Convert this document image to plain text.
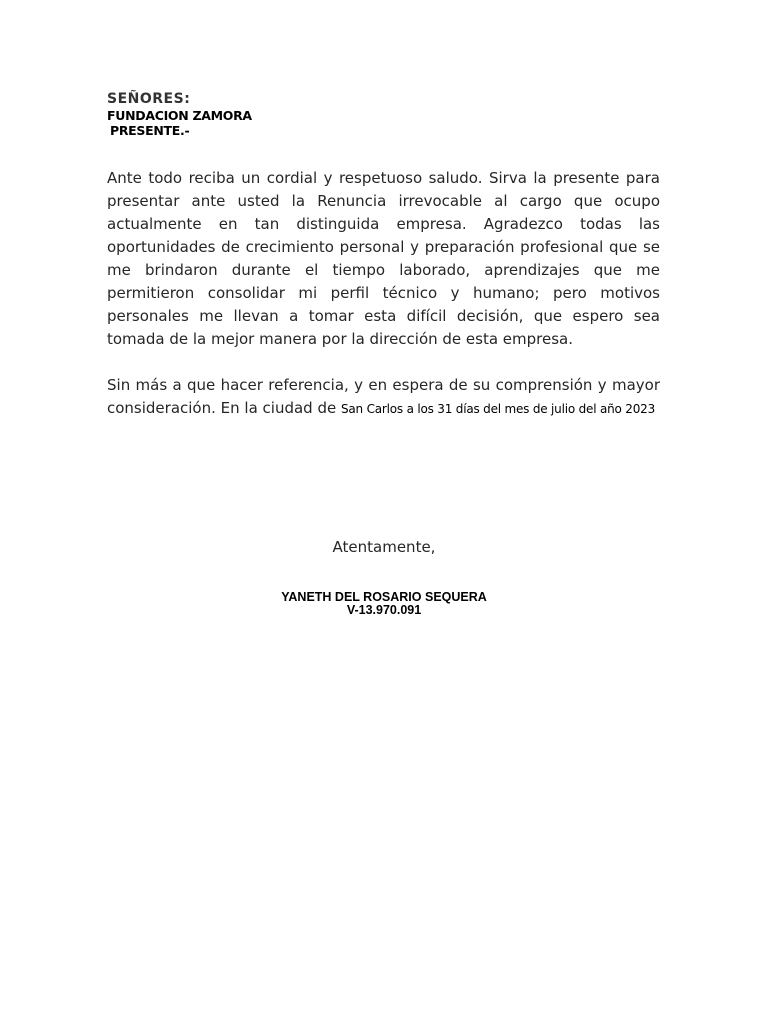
SEÑORES:

FUNDACION ZAMORA

PRESENTE.-

Ante todo reciba un cordial y respetuoso saludo. Sirva la presente para presentar ante usted la Renuncia irrevocable al cargo que ocupo actualmente en tan distinguida empresa. Agradezco todas las oportunidades de crecimiento personal y preparación profesional que se me brindaron durante el tiempo laborado, aprendizajes que me permitieron consolidar mi perfil técnico y humano; pero motivos personales me llevan a tomar esta difícil decisión, que espero sea tomada de la mejor manera por la dirección de esta empresa.

Sin más a que hacer referencia, y en espera de su comprensión y mayor consideración. En la ciudad de San Carlos a los 31 días del mes de julio del año 2023

Atentamente,
YANETH DEL ROSARIO SEQUERA
V-13.970.091
